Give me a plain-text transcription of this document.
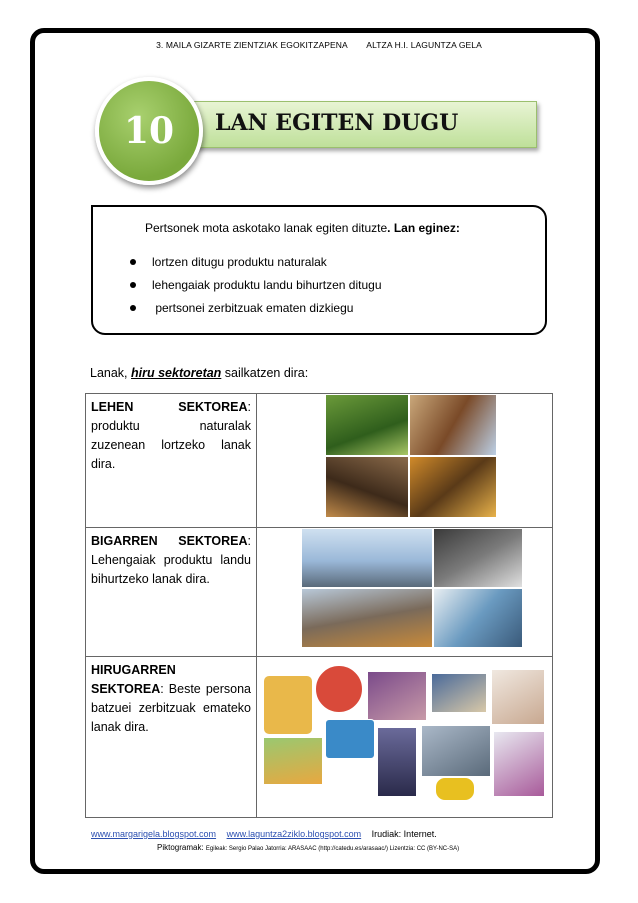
3. MAILA GIZARTE ZIENTZIAK EGOKITZAPENA ALTZA H.I. LAGUNTZA GELA
LAN EGITEN DUGU
10
Pertsonek mota askotako lanak egiten dituzte. Lan eginez:
lortzen ditugu produktu naturalak
lehengaiak produktu landu bihurtzen ditugu
pertsonei zerbitzuak ematen dizkiegu
Lanak, hiru sektoretan sailkatzen dira:
LEHEN SEKTOREA: produktu naturalak zuzenean lortzeko lanak dira.	

BIGARREN SEKTOREA: Lehengaiak produktu landu bihurtzeko lanak dira.	

HIRUGARREN SEKTOREA: Beste persona batzuei zerbitzuak emateko lanak dira.	
www.margarigela.blogspot.com www.laguntza2ziklo.blogspot.com Irudiak: Internet.
Piktogramak: Egileak: Sergio Palao Jatorria: ARASAAC (http://catedu.es/arasaac/) Lizentzia: CC (BY-NC-SA)
